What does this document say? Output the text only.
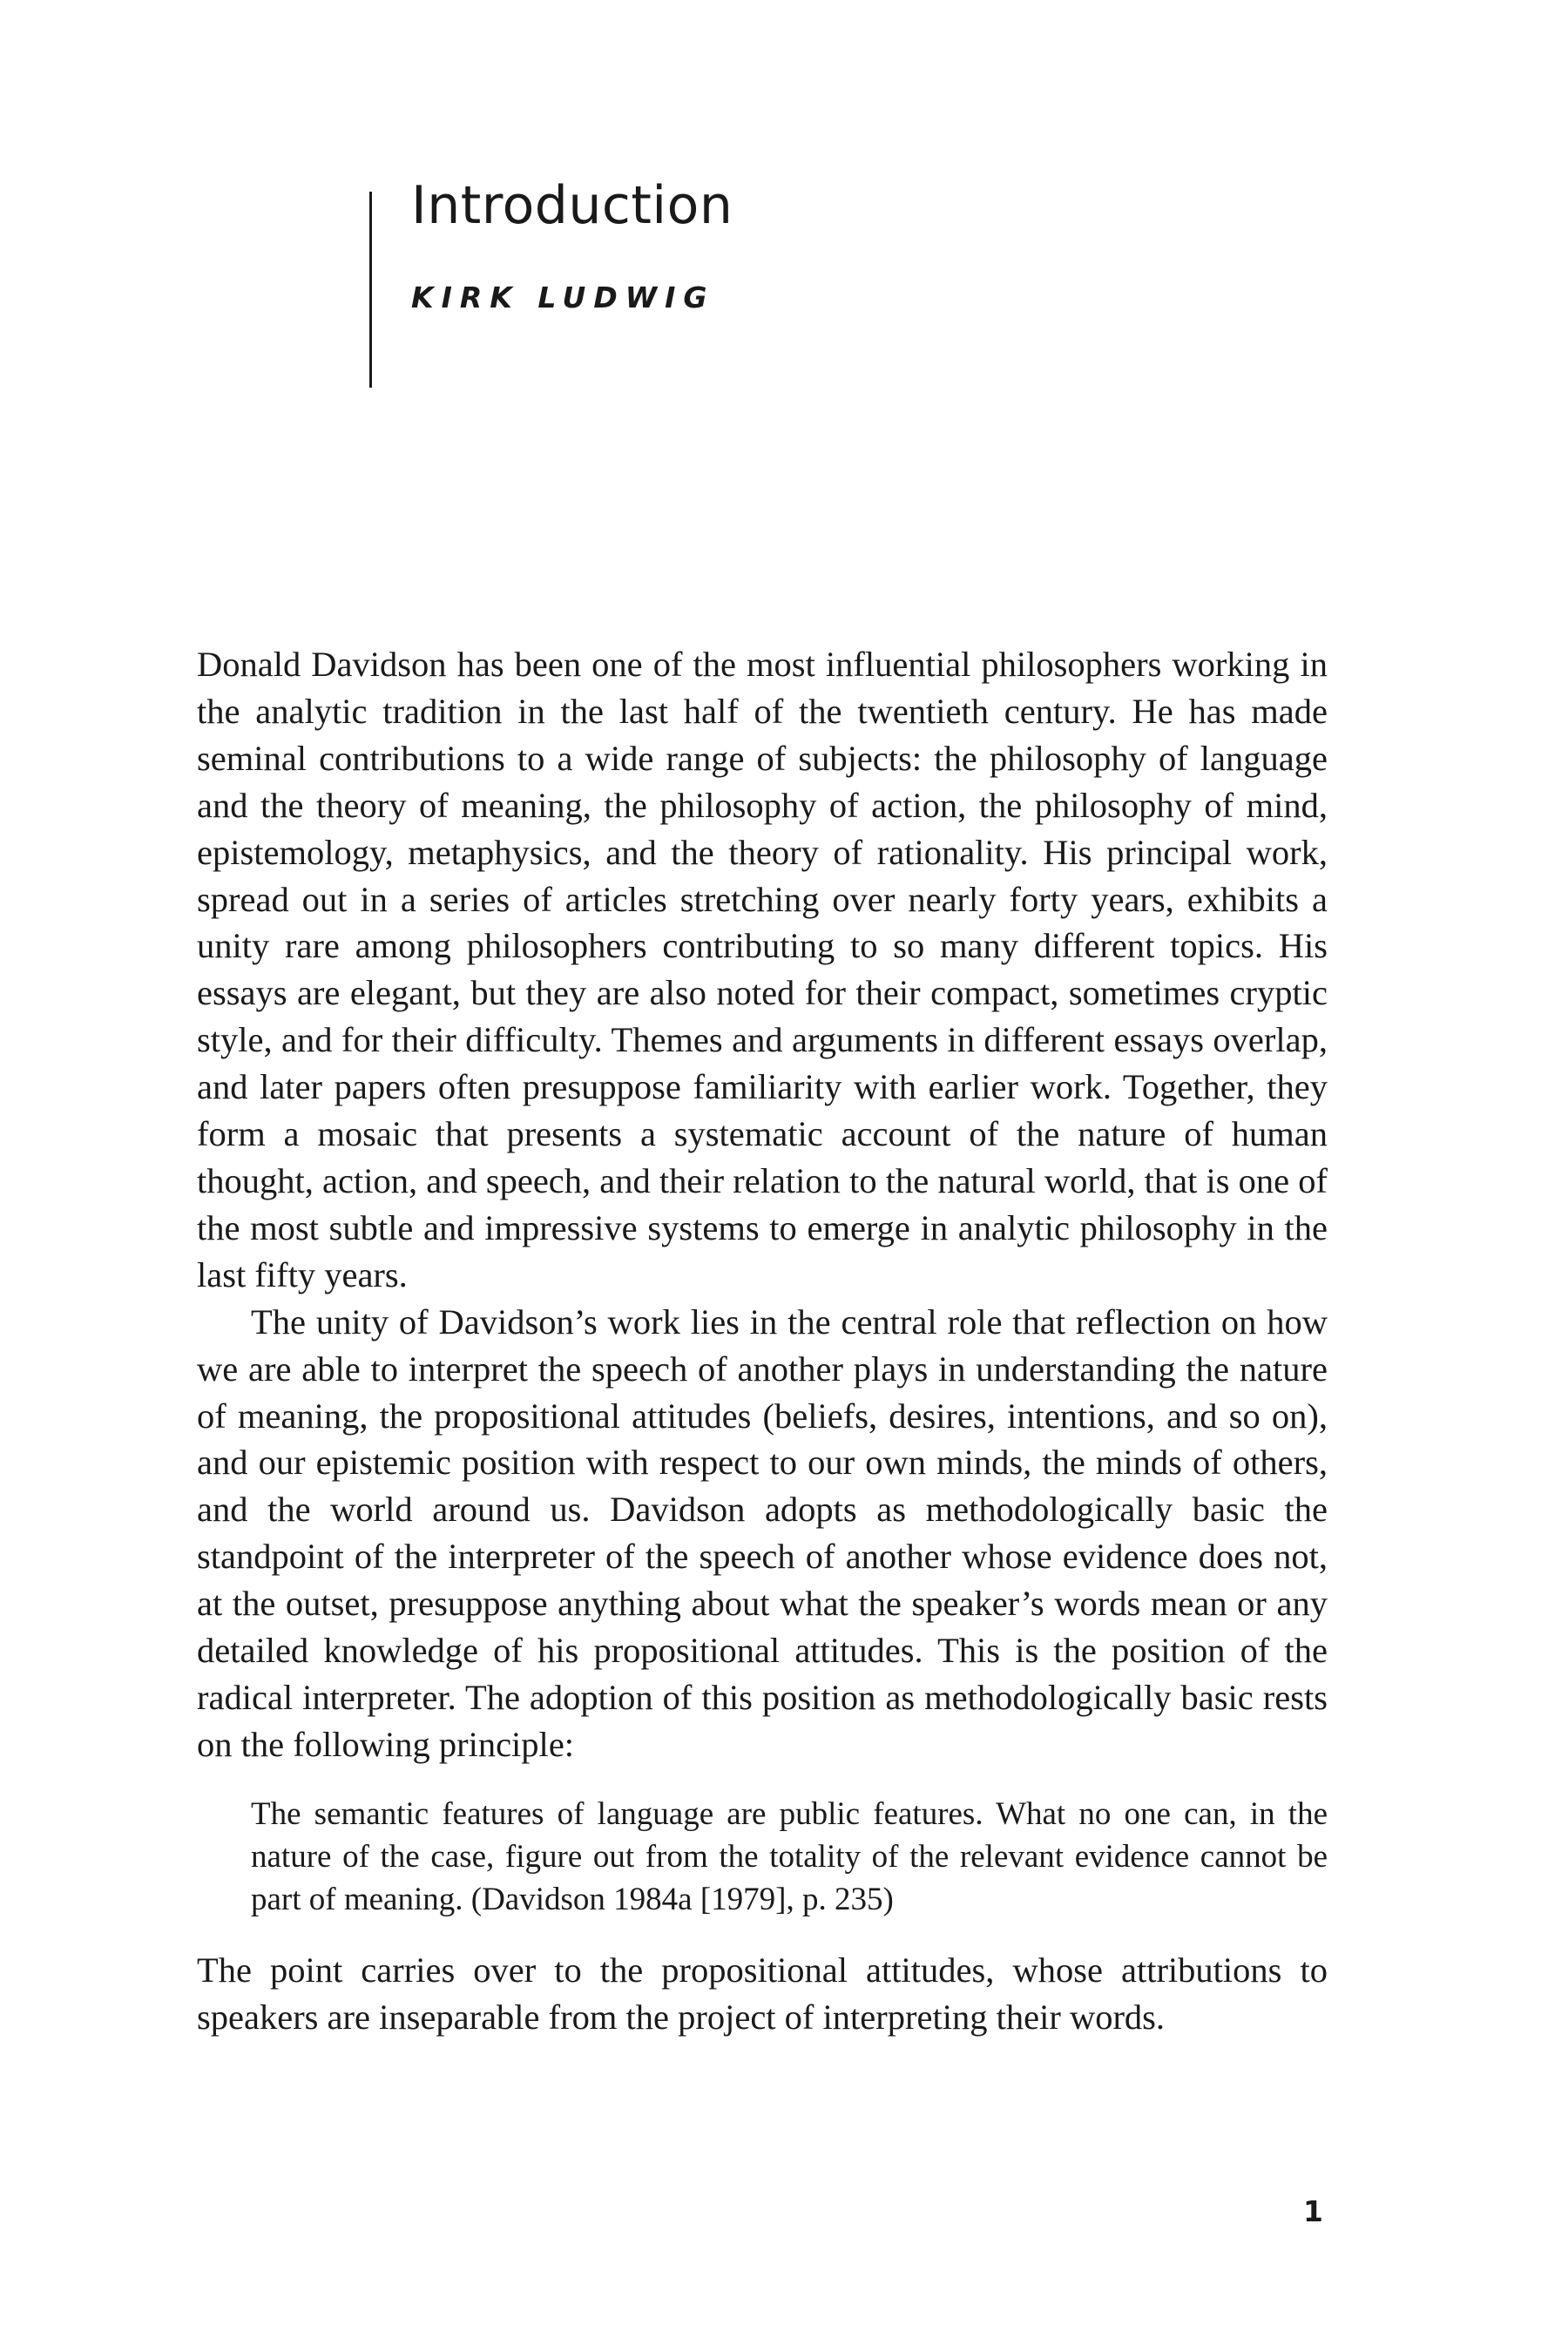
Introduction

KIRK LUDWIG

Donald Davidson has been one of the most influential philosophers working in the analytic tradition in the last half of the twentieth century. He has made seminal contributions to a wide range of subjects: the philosophy of language and the theory of meaning, the philosophy of action, the philosophy of mind, epistemology, metaphysics, and the theory of rationality. His principal work, spread out in a series of articles stretching over nearly forty years, exhibits a unity rare among philosophers contributing to so many different topics. His essays are elegant, but they are also noted for their compact, sometimes cryptic style, and for their difficulty. Themes and arguments in different essays overlap, and later papers often presuppose familiarity with earlier work. Together, they form a mosaic that presents a systematic account of the nature of human thought, action, and speech, and their relation to the natural world, that is one of the most subtle and impressive systems to emerge in analytic philosophy in the last fifty years.

The unity of Davidson’s work lies in the central role that reflection on how we are able to interpret the speech of another plays in understanding the nature of meaning, the propositional attitudes (beliefs, desires, intentions, and so on), and our epistemic position with respect to our own minds, the minds of others, and the world around us. Davidson adopts as methodologically basic the standpoint of the interpreter of the speech of another whose evidence does not, at the outset, presuppose anything about what the speaker’s words mean or any detailed knowledge of his propositional attitudes. This is the position of the radical interpreter. The adoption of this position as methodologically basic rests on the following principle:

The semantic features of language are public features. What no one can, in the nature of the case, figure out from the totality of the relevant evidence cannot be part of meaning. (Davidson 1984a [1979], p. 235)

The point carries over to the propositional attitudes, whose attributions to speakers are inseparable from the project of interpreting their words.

1
